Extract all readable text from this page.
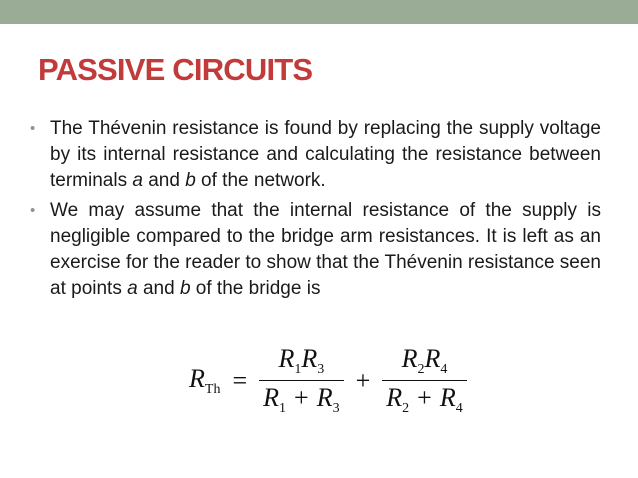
PASSIVE CIRCUITS
• The Thévenin resistance is found by replacing the supply voltage by its internal resistance and calculating the resistance between terminals a and b of the network.
• We may assume that the internal resistance of the supply is negligible compared to the bridge arm resistances. It is left as an exercise for the reader to show that the Thévenin resistance seen at points a and b of the bridge is
$R_{Th} = \frac{R_1R_3}{R_1 + R_3} + \frac{R_2R_4}{R_2 + R_4}$
